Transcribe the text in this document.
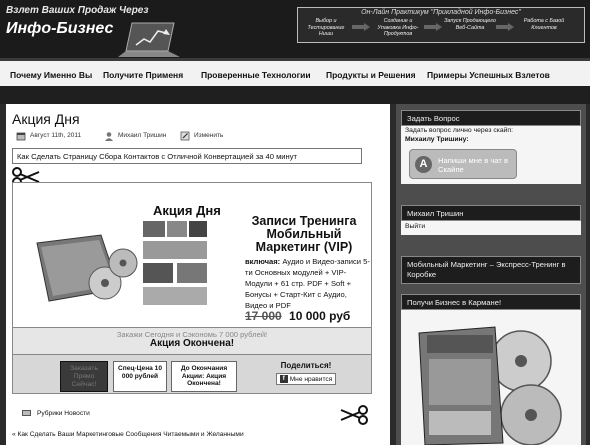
Взлет Ваших Продаж Через
Инфо-Бизнес
Он-Лайн Практикум "Прикладной Инфо-Бизнес"
Выбор и Тестирование Ниши
Создание и Упаковка Инфо-Продуктов
Запуск Продающего Веб-Сайта
Работа с Базой Клиентов
Почему Именно Вы Получите Применя Проверенные Технологии Продукты и Решения Примеры Успешных Взлетов
Акция Дня
Август 11th, 2011	Михаил Тришин	Изменить
Как Сделать Страницу Сбора Контактов с Отличной Конвертацией за 40 минут
Акция Дня
Записи Тренинга Мобильный Маркетинг (VIP)
включая: Аудио и Видео-записи 5-ти Основных модулей + VIP-Модули + 61 стр. PDF + Soft + Бонусы + Старт-Кит с Аудио, Видео и PDF
17 000 10 000 руб
Закажи Сегодня и Сэкономь 7 000 рублей!
Акция Окончена!
Заказать Прямо Сейчас!
Спец-Цена 10 000 рублей
До Окончания Акции: Акция Окончена!
Поделиться!
f Мне нравится
Рубрики Новости
« Как Сделать Ваши Маркетинговые Сообщения Читаемыми и Желанными
Задать Вопрос
Задать вопрос лично через скайп:
Михаилу Тришину:
A	Напиши мне в чат в Скайпе
Михаил Тришин
Выйти
Мобильный Маркетинг – Экспресс-Тренинг в Коробке
Получи Бизнес в Кармане!
